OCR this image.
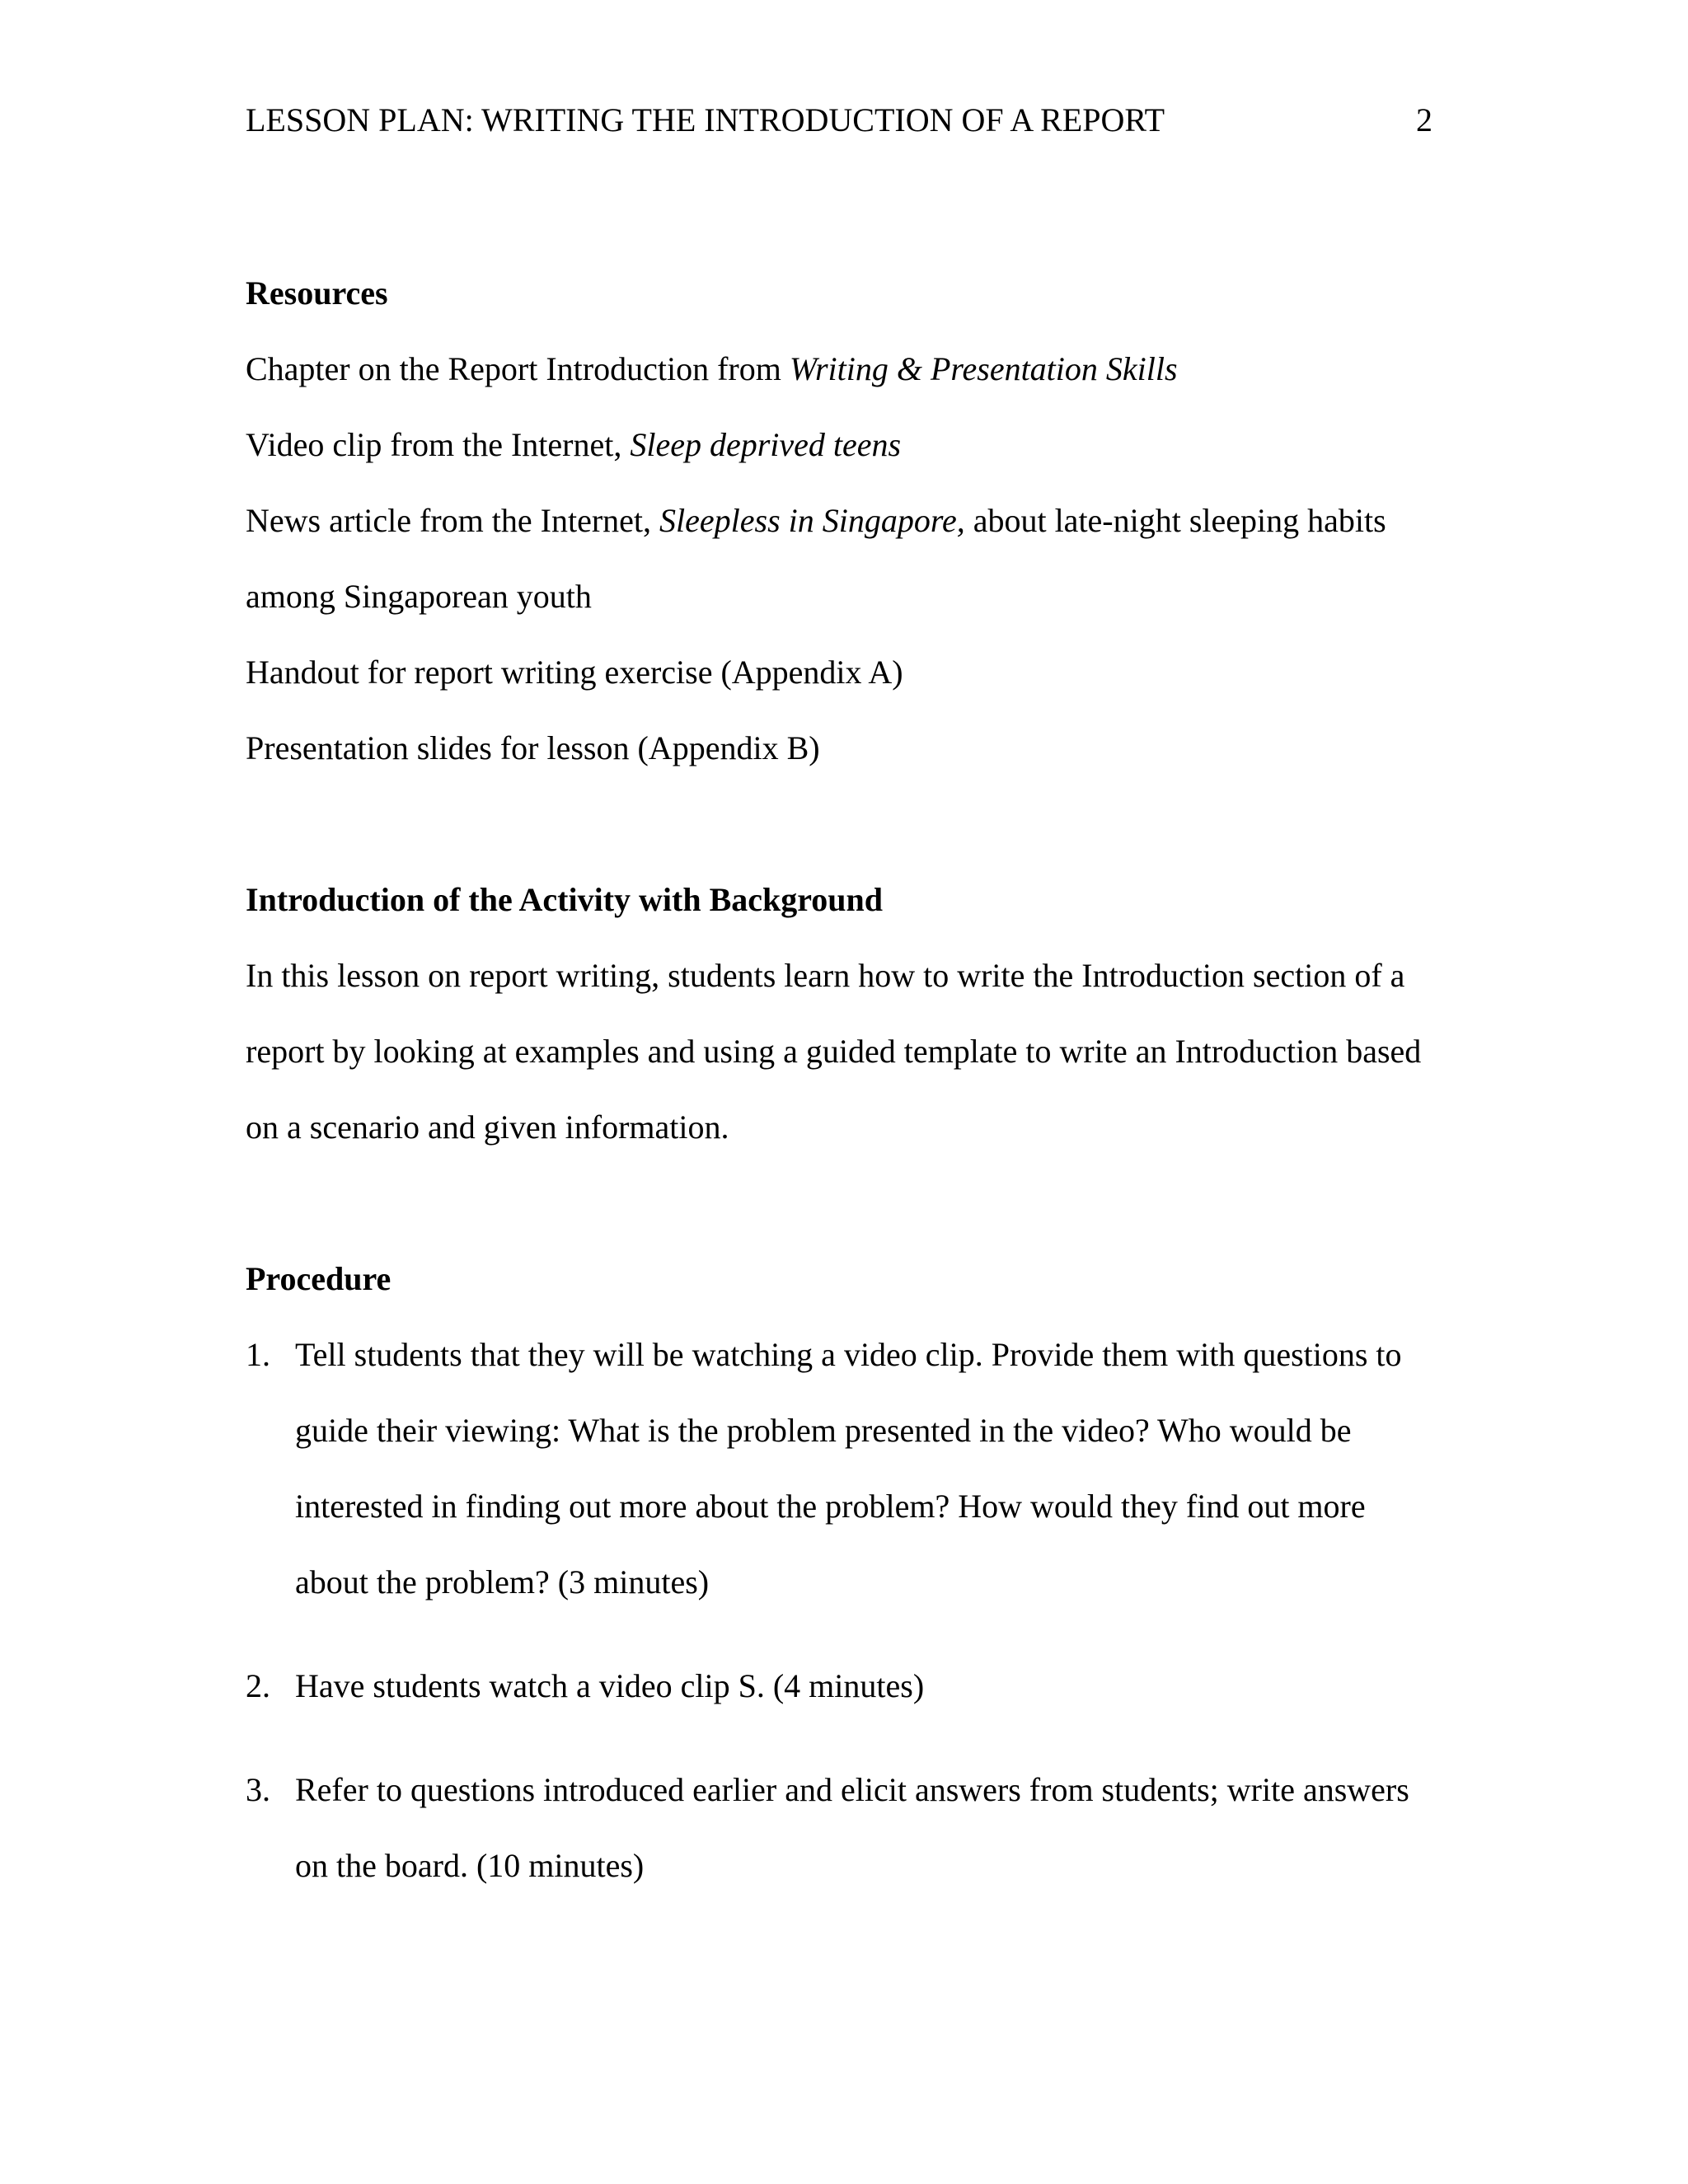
LESSON PLAN: WRITING THE INTRODUCTION OF A REPORT	2
Resources
Chapter on the Report Introduction from Writing & Presentation Skills
Video clip from the Internet, Sleep deprived teens
News article from the Internet, Sleepless in Singapore, about late-night sleeping habits
among Singaporean youth
Handout for report writing exercise (Appendix A)
Presentation slides for lesson (Appendix B)
Introduction of the Activity with Background
In this lesson on report writing, students learn how to write the Introduction section of a
report by looking at examples and using a guided template to write an Introduction based
on a scenario and given information.
Procedure
1. Tell students that they will be watching a video clip. Provide them with questions to
guide their viewing: What is the problem presented in the video? Who would be
interested in finding out more about the problem? How would they find out more
about the problem? (3 minutes)
2. Have students watch a video clip S. (4 minutes)
3. Refer to questions introduced earlier and elicit answers from students; write answers
on the board. (10 minutes)
